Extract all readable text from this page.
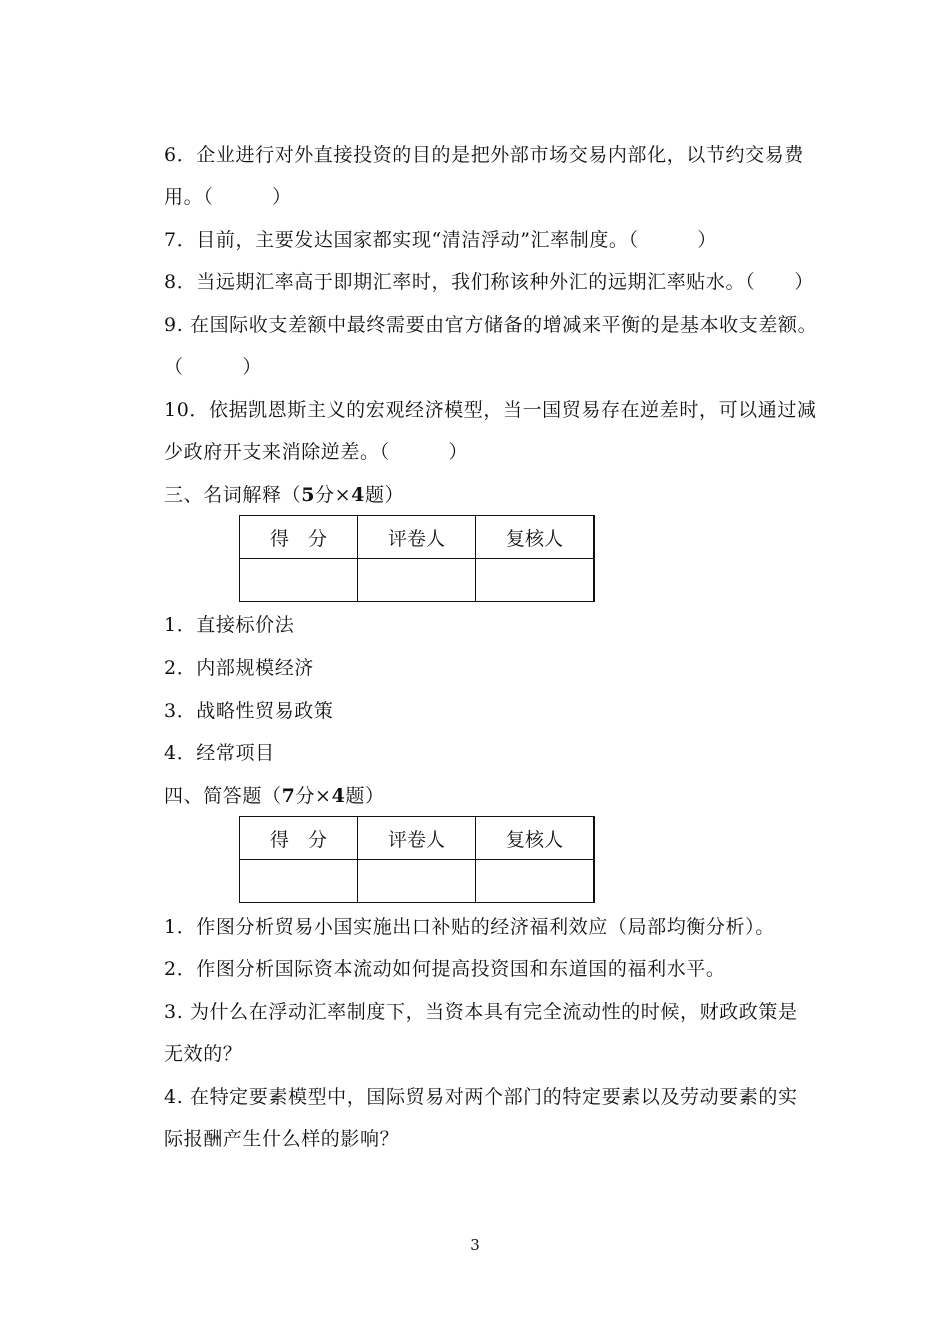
6．企业进行对外直接投资的目的是把外部市场交易内部化，以节约交易费
用。（　　　）
7．目前，主要发达国家都实现“清洁浮动”汇率制度。（　　　）
8．当远期汇率高于即期汇率时，我们称该种外汇的远期汇率贴水。（　　）
9. 在国际收支差额中最终需要由官方储备的增减来平衡的是基本收支差额。
（　　　）
10．依据凯恩斯主义的宏观经济模型，当一国贸易存在逆差时，可以通过减
少政府开支来消除逆差。（　　　）
三、名词解释（5分×4题）
得　分	评卷人	复核人

1．直接标价法
2．内部规模经济
3．战略性贸易政策
4．经常项目
四、简答题（7分×4题）
得　分	评卷人	复核人

1．作图分析贸易小国实施出口补贴的经济福利效应（局部均衡分析）。
2．作图分析国际资本流动如何提高投资国和东道国的福利水平。
3. 为什么在浮动汇率制度下，当资本具有完全流动性的时候，财政政策是
无效的？
4. 在特定要素模型中，国际贸易对两个部门的特定要素以及劳动要素的实
际报酬产生什么样的影响？
3
